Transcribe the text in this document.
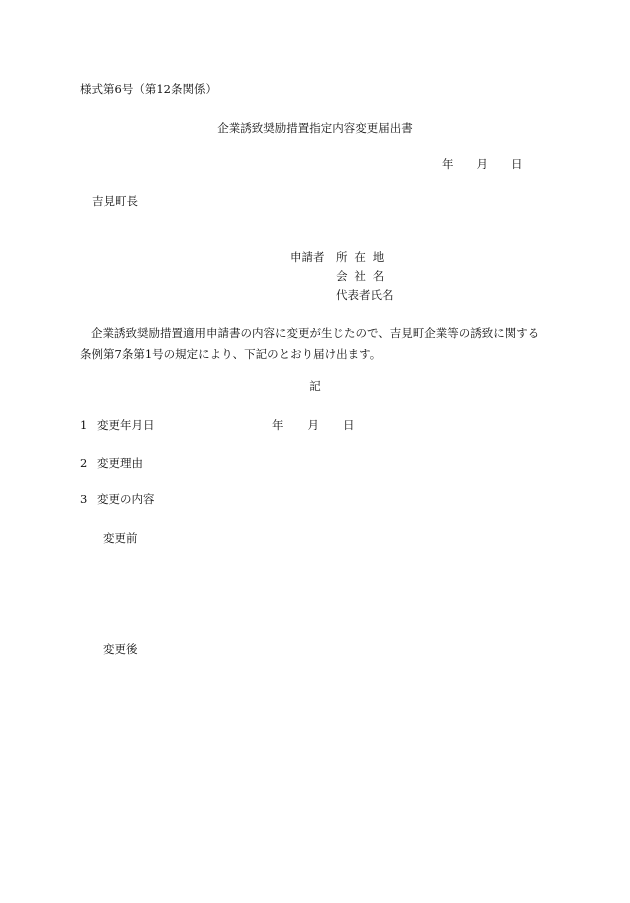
様式第6号（第12条関係）
企業誘致奨励措置指定内容変更届出書
年 月 日
吉見町長
申請者 所在地
会社名
代表者氏名
企業誘致奨励措置適用申請書の内容に変更が生じたので、吉見町企業等の誘致に関する条例第7条第1号の規定により、下記のとおり届け出ます。
記
1 変更年月日	年 月 日
2 変更理由
3 変更の内容
変更前
変更後
